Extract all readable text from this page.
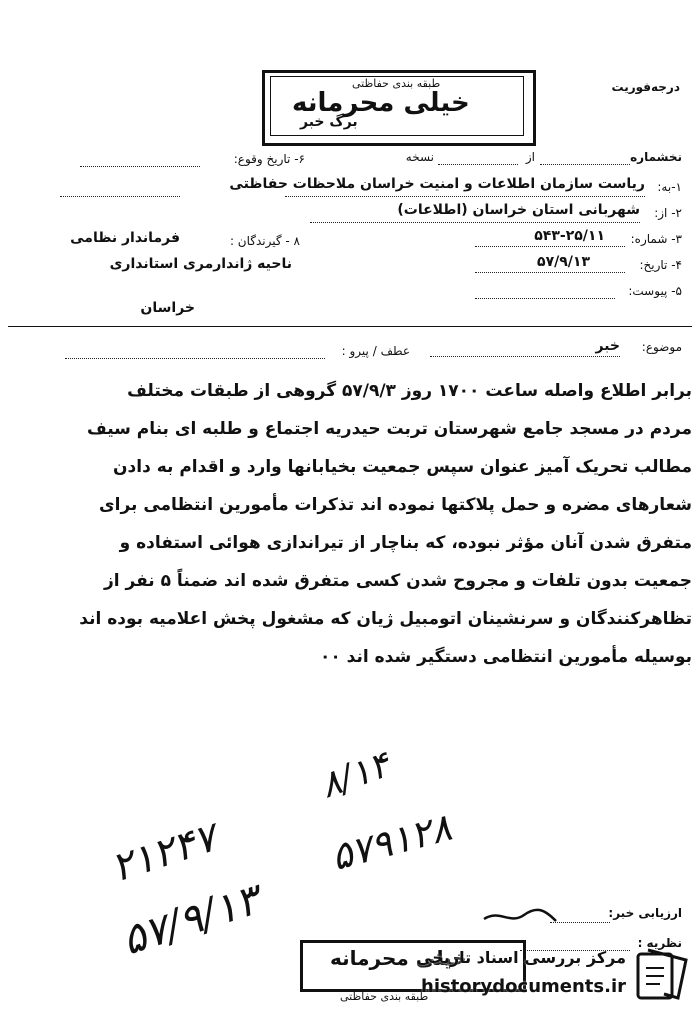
درجه‌فوریت
طبقه بندی حفاظتی
خیلی محرمانه
برگ خبر
نخشماره
از
نسخه
۶- تاریخ وقوع:
۱-به:
ریاست سازمان اطلاعات و امنیت خراسان ملاحظات حفاظتی
۲- از:
شهربانی استان خراسان (اطلاعات)
۳- شماره:
۵۴۳-۲۵/۱۱
۸ - گیرندگان :
فرماندار نظامی
۴- تاریخ:
۵۷/۹/۱۳
ناحیه ژاندارمری استانداری
۵- پیوست:
خراسان
موضوع:
خبر
عطف / پیرو :
برابر اطلاع واصله ساعت ۱۷۰۰ روز ۵۷/۹/۳ گروهی از طبقات مختلف
مردم در مسجد جامع شهرستان تربت حیدریه اجتماع و طلبه ای بنام سیف
مطالب تحریک آمیز عنوان سپس جمعیت بخیابانها وارد و اقدام به دادن
شعارهای مضره و حمل پلاکتها نموده اند تذکرات مأمورین انتظامی برای
متفرق شدن آنان مؤثر نبوده، که بناچار از تیراندازی هوائی استفاده و
جمعیت بدون تلفات و مجروح شدن کسی متفرق شده اند ضمناً ۵ نفر از
تظاهرکنندگان و سرنشینان اتومبیل ژیان که مشغول پخش اعلامیه بوده اند
بوسیله مأمورین انتظامی دستگیر شده اند ۰۰
۸/۱۴
۵۷۹۱۲۸
۲۱۲۴۷
۵۷/۹/۱۳	ارزیابی خبر:
نظریه :
خیلی محرمانه
طبقه بندی حفاظتی
مرکز بررسی اسناد تاریخی
historydocuments.ir
